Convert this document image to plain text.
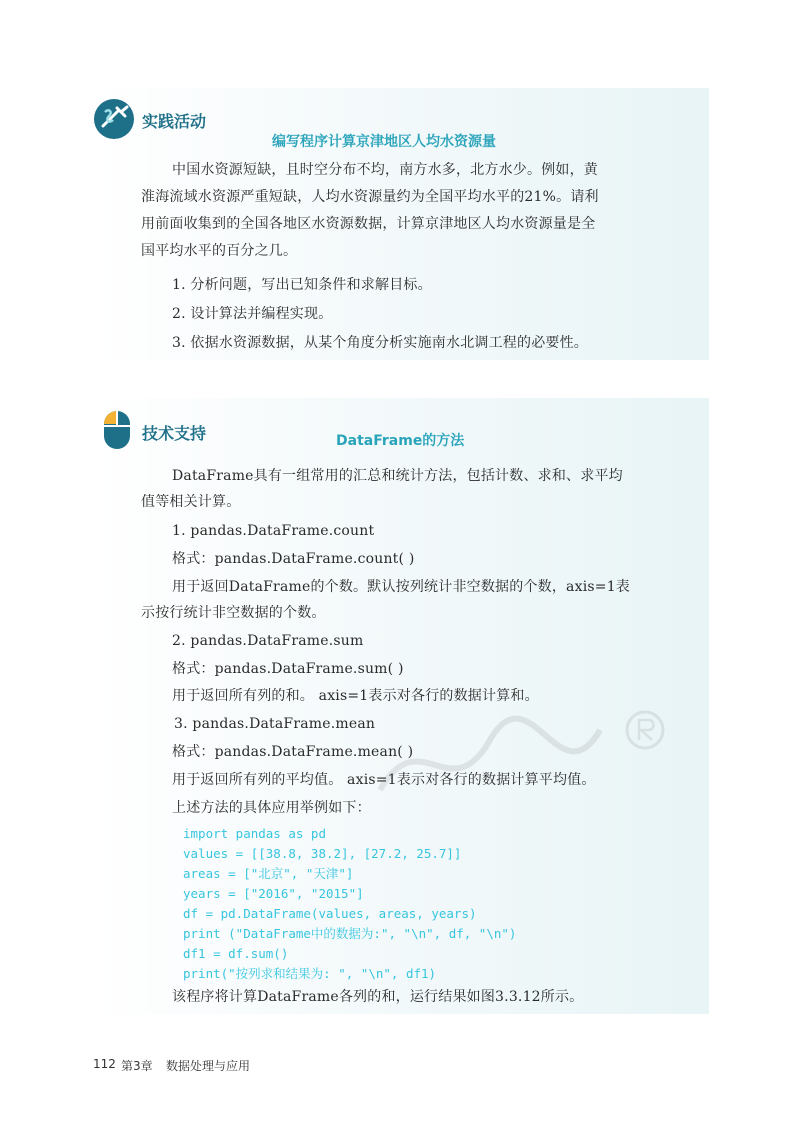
实践活动
编写程序计算京津地区人均水资源量
中国水资源短缺，且时空分布不均，南方水多，北方水少。例如，黄
淮海流域水资源严重短缺，人均水资源量约为全国平均水平的21%。请利
用前面收集到的全国各地区水资源数据，计算京津地区人均水资源量是全
国平均水平的百分之几。
1. 分析问题，写出已知条件和求解目标。
2. 设计算法并编程实现。
3. 依据水资源数据，从某个角度分析实施南水北调工程的必要性。
技术支持	DataFrame的方法
DataFrame具有一组常用的汇总和统计方法，包括计数、求和、求平均
值等相关计算。
1. pandas.DataFrame.count
格式：pandas.DataFrame.count( )
用于返回DataFrame的个数。默认按列统计非空数据的个数，axis=1表
示按行统计非空数据的个数。
2. pandas.DataFrame.sum
格式：pandas.DataFrame.sum( )
用于返回所有列的和。 axis=1表示对各行的数据计算和。
3. pandas.DataFrame.mean
格式：pandas.DataFrame.mean( )
用于返回所有列的平均值。 axis=1表示对各行的数据计算平均值。
上述方法的具体应用举例如下：
import pandas as pd
values = [[38.8, 38.2], [27.2, 25.7]]
areas = ["北京", "天津"]
years = ["2016", "2015"]
df = pd.DataFrame(values, areas, years)
print ("DataFrame中的数据为:", "\n", df, "\n")
df1 = df.sum()
print("按列求和结果为: ", "\n", df1)
该程序将计算DataFrame各列的和，运行结果如图3.3.12所示。
112 第3章 数据处理与应用
